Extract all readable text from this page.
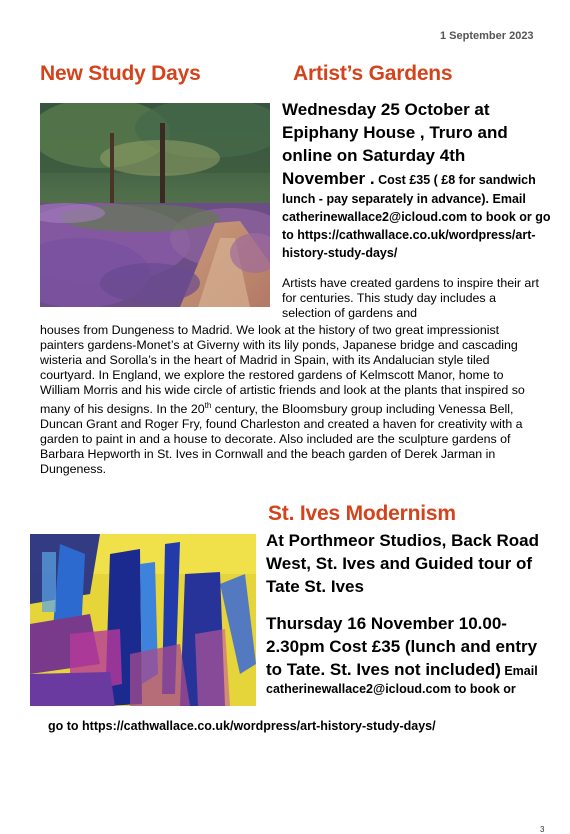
1 September 2023
New Study Days	Artist’s Gardens

Wednesday 25 October at Epiphany House , Truro and online on Saturday 4th November . Cost £35 ( £8 for sandwich lunch - pay separately in advance). Email catherinewallace2@icloud.com to book or go to https://cathwallace.co.uk/wordpress/art-history-study-days/

Artists have created gardens to inspire their art for centuries. This study day includes a selection of gardens and
houses from Dungeness to Madrid. We look at the history of two great impressionist painters gardens-Monet’s at Giverny with its lily ponds, Japanese bridge and cascading wisteria and Sorolla’s in the heart of Madrid in Spain, with its Andalucian style tiled courtyard. In England, we explore the restored gardens of Kelmscott Manor, home to William Morris and his wide circle of artistic friends and look at the plants that inspired so many of his designs. In the 20th century, the Bloomsbury group including Venessa Bell, Duncan Grant and Roger Fry, found Charleston and created a haven for creativity with a garden to paint in and a house to decorate. Also included are the sculpture gardens of Barbara Hepworth in St. Ives in Cornwall and the beach garden of Derek Jarman in Dungeness.
St. Ives Modernism

At Porthmeor Studios, Back Road West, St. Ives and Guided tour of Tate St. Ives

Thursday 16 November 10.00-2.30pm Cost £35 (lunch and entry to Tate. St. Ives not included) Email

catherinewallace2@icloud.com to book or

go to https://cathwallace.co.uk/wordpress/art-history-study-days/
3
